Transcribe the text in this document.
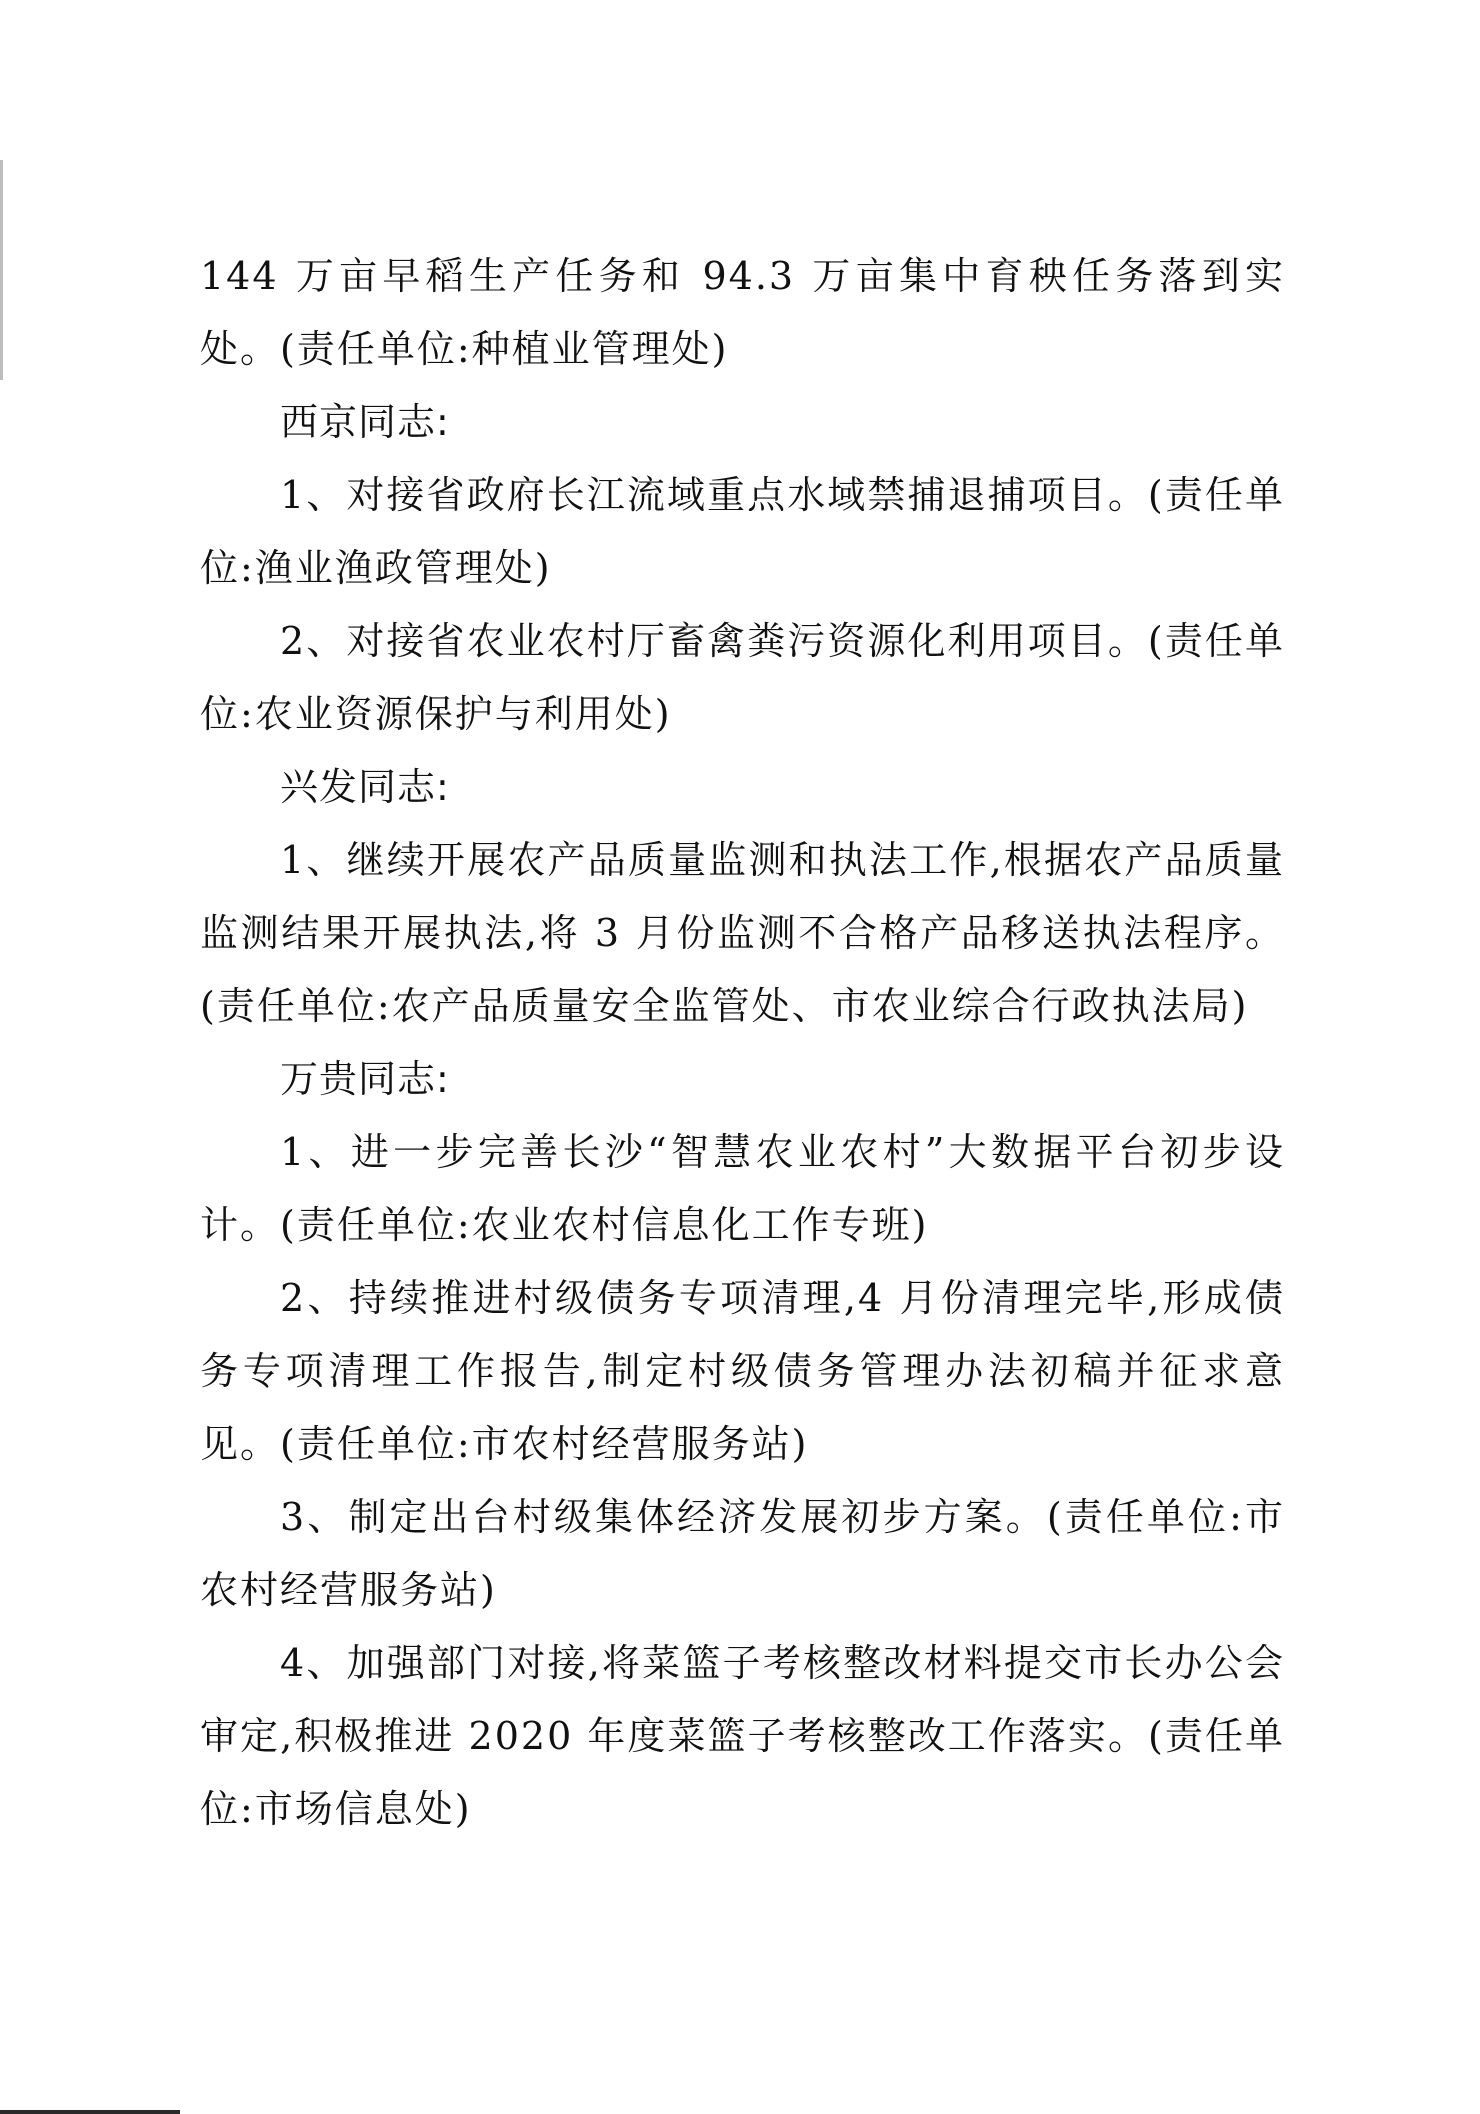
144 万亩早稻生产任务和 94.3 万亩集中育秧任务落到实处。(责任单位:种植业管理处)

西京同志:

1、对接省政府长江流域重点水域禁捕退捕项目。(责任单位:渔业渔政管理处)

2、对接省农业农村厅畜禽粪污资源化利用项目。(责任单位:农业资源保护与利用处)

兴发同志:

1、继续开展农产品质量监测和执法工作,根据农产品质量监测结果开展执法,将 3 月份监测不合格产品移送执法程序。(责任单位:农产品质量安全监管处、市农业综合行政执法局)

万贵同志:

1、进一步完善长沙“智慧农业农村”大数据平台初步设计。(责任单位:农业农村信息化工作专班)

2、持续推进村级债务专项清理,4 月份清理完毕,形成债务专项清理工作报告,制定村级债务管理办法初稿并征求意见。(责任单位:市农村经营服务站)

3、制定出台村级集体经济发展初步方案。(责任单位:市农村经营服务站)

4、加强部门对接,将菜篮子考核整改材料提交市长办公会审定,积极推进 2020 年度菜篮子考核整改工作落实。(责任单位:市场信息处)
